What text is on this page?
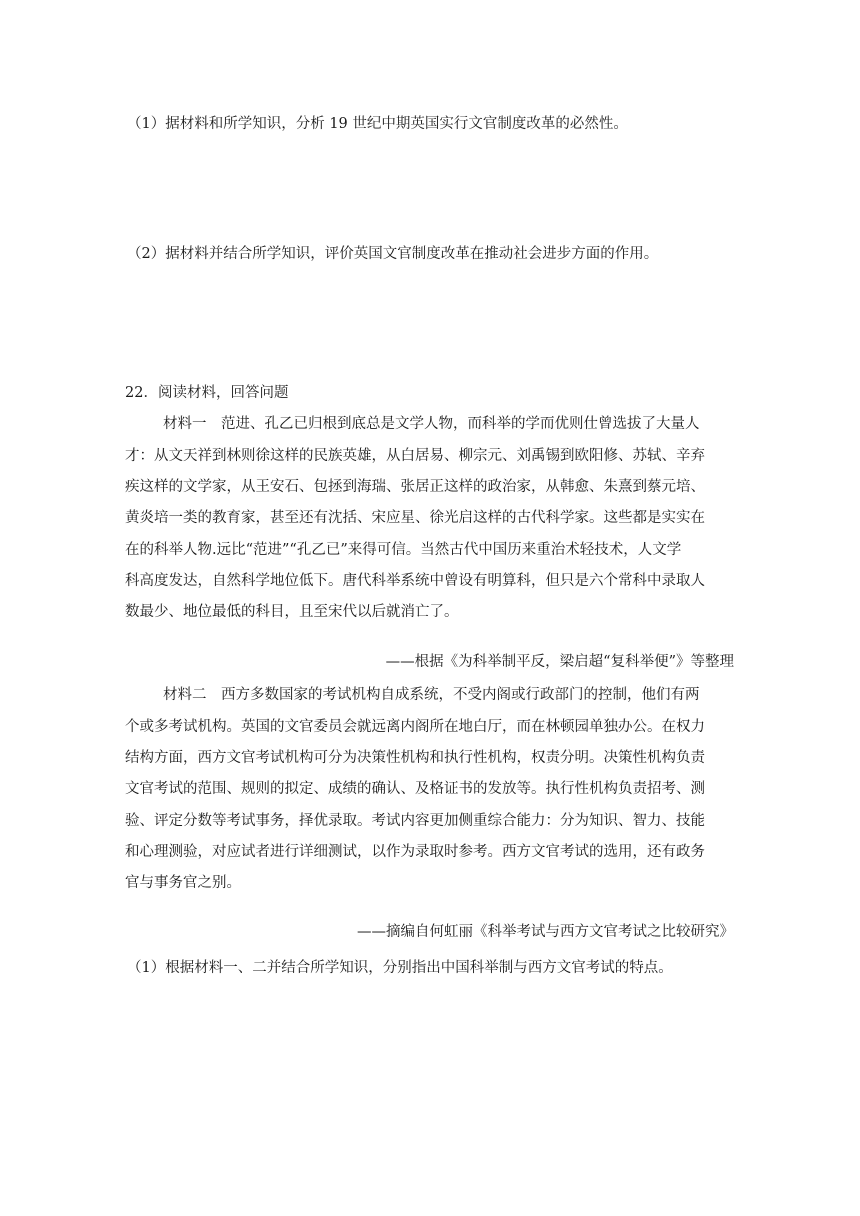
（1）据材料和所学知识，分析 19 世纪中期英国实行文官制度改革的必然性。
（2）据材料并结合所学知识，评价英国文官制度改革在推动社会进步方面的作用。
22．阅读材料，回答问题
材料一　范进、孔乙已归根到底总是文学人物，而科举的学而优则仕曾选拔了大量人
才：从文天祥到林则徐这样的民族英雄，从白居易、柳宗元、刘禹锡到欧阳修、苏轼、辛弃
疾这样的文学家，从王安石、包拯到海瑞、张居正这样的政治家，从韩愈、朱熹到蔡元培、
黄炎培一类的教育家，甚至还有沈括、宋应星、徐光启这样的古代科学家。这些都是实实在
在的科举人物.远比“范进”“孔乙已”来得可信。当然古代中国历来重治术轻技术，人文学
科高度发达，自然科学地位低下。唐代科举系统中曾设有明算科，但只是六个常科中录取人
数最少、地位最低的科目，且至宋代以后就消亡了。
——根据《为科举制平反，梁启超“复科举便”》等整理
材料二　西方多数国家的考试机构自成系统，不受内阁或行政部门的控制，他们有两
个或多考试机构。英国的文官委员会就远离内阁所在地白厅，而在林顿园单独办公。在权力
结构方面，西方文官考试机构可分为决策性机构和执行性机构，权责分明。决策性机构负责
文官考试的范围、规则的拟定、成绩的确认、及格证书的发放等。执行性机构负责招考、测
验、评定分数等考试事务，择优录取。考试内容更加侧重综合能力：分为知识、智力、技能
和心理测验，对应试者进行详细测试，以作为录取时参考。西方文官考试的选用，还有政务
官与事务官之别。
——摘编自何虹丽《科举考试与西方文官考试之比较研究》
（1）根据材料一、二并结合所学知识，分别指出中国科举制与西方文官考试的特点。
